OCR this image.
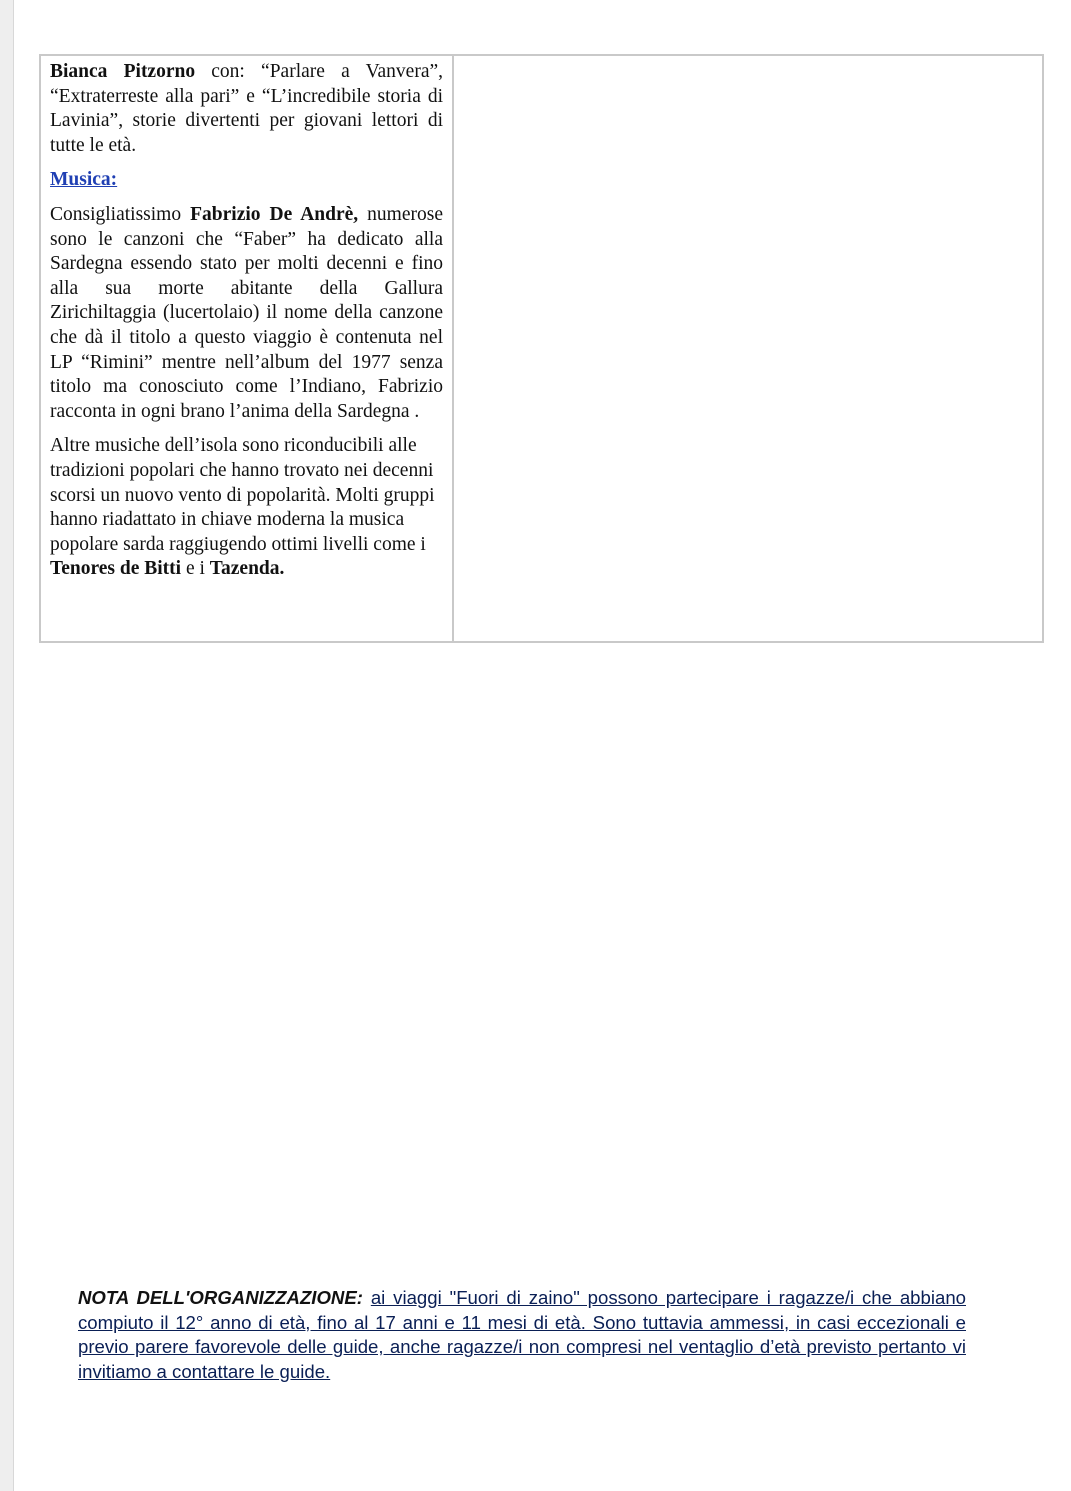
Bianca Pitzorno con: “Parlare a Vanvera”, “Extraterreste alla pari” e “L’incredibile storia di Lavinia”, storie divertenti per giovani lettori di tutte le età.

Musica:

Consigliatissimo Fabrizio De Andrè, numerose sono le canzoni che “Faber” ha dedicato alla Sardegna essendo stato per molti decenni e fino alla sua morte abitante della Gallura Zirichiltaggia (lucertolaio) il nome della canzone che dà il titolo a questo viaggio è contenuta nel LP “Rimini” mentre nell’album del 1977 senza titolo ma conosciuto come l’Indiano, Fabrizio racconta in ogni brano l’anima della Sardegna .

Altre musiche dell’isola sono riconducibili alle tradizioni popolari che hanno trovato nei decenni scorsi un nuovo vento di popolarità. Molti gruppi hanno riadattato in chiave moderna la musica popolare sarda raggiugendo ottimi livelli come i Tenores de Bitti e i Tazenda.

NOTA DELL'ORGANIZZAZIONE: ai viaggi "Fuori di zaino" possono partecipare i ragazze/i che abbiano compiuto il 12° anno di età, fino al 17 anni e 11 mesi di età. Sono tuttavia ammessi, in casi eccezionali e previo parere favorevole delle guide, anche ragazze/i non compresi nel ventaglio d’età previsto pertanto vi invitiamo a contattare le guide.
